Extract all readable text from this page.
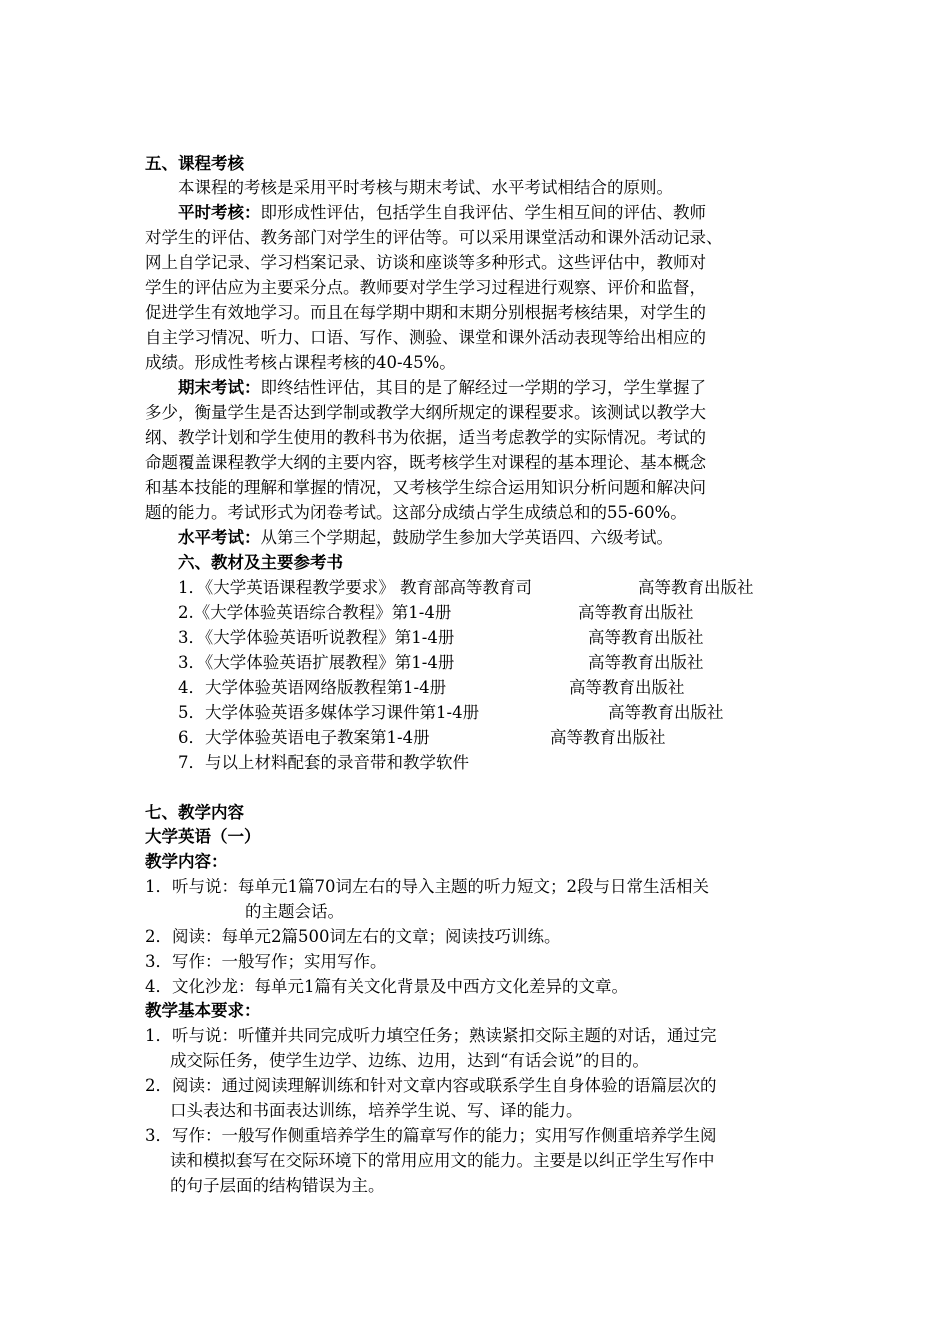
五、课程考核
本课程的考核是采用平时考核与期末考试、水平考试相结合的原则。
平时考核：即形成性评估，包括学生自我评估、学生相互间的评估、教师
对学生的评估、教务部门对学生的评估等。可以采用课堂活动和课外活动记录、
网上自学记录、学习档案记录、访谈和座谈等多种形式。这些评估中，教师对
学生的评估应为主要采分点。教师要对学生学习过程进行观察、评价和监督，
促进学生有效地学习。而且在每学期中期和末期分别根据考核结果，对学生的
自主学习情况、听力、口语、写作、测验、课堂和课外活动表现等给出相应的
成绩。形成性考核占课程考核的40-45%。
期末考试：即终结性评估，其目的是了解经过一学期的学习，学生掌握了
多少，衡量学生是否达到学制或教学大纲所规定的课程要求。该测试以教学大
纲、教学计划和学生使用的教科书为依据，适当考虑教学的实际情况。考试的
命题覆盖课程教学大纲的主要内容，既考核学生对课程的基本理论、基本概念
和基本技能的理解和掌握的情况，又考核学生综合运用知识分析问题和解决问
题的能力。考试形式为闭卷考试。这部分成绩占学生成绩总和的55-60%。
水平考试：从第三个学期起，鼓励学生参加大学英语四、六级考试。
六、教材及主要参考书
1．《大学英语课程教学要求》 教育部高等教育司	高等教育出版社
2.《大学体验英语综合教程》第1-4册	高等教育出版社
3．《大学体验英语听说教程》第1-4册	高等教育出版社
3．《大学体验英语扩展教程》第1-4册	高等教育出版社
4．大学体验英语网络版教程第1-4册	高等教育出版社
5．大学体验英语多媒体学习课件第1-4册	高等教育出版社
6．大学体验英语电子教案第1-4册	高等教育出版社
7．与以上材料配套的录音带和教学软件
七、教学内容
大学英语（一）
教学内容：
1．听与说：每单元1篇70词左右的导入主题的听力短文；2段与日常生活相关
的主题会话。
2．阅读：每单元2篇500词左右的文章；阅读技巧训练。
3．写作：一般写作；实用写作。
4．文化沙龙：每单元1篇有关文化背景及中西方文化差异的文章。
教学基本要求：
1．听与说：听懂并共同完成听力填空任务；熟读紧扣交际主题的对话，通过完
成交际任务，使学生边学、边练、边用，达到“有话会说”的目的。
2．阅读：通过阅读理解训练和针对文章内容或联系学生自身体验的语篇层次的
口头表达和书面表达训练，培养学生说、写、译的能力。
3．写作：一般写作侧重培养学生的篇章写作的能力；实用写作侧重培养学生阅
读和模拟套写在交际环境下的常用应用文的能力。主要是以纠正学生写作中
的句子层面的结构错误为主。
